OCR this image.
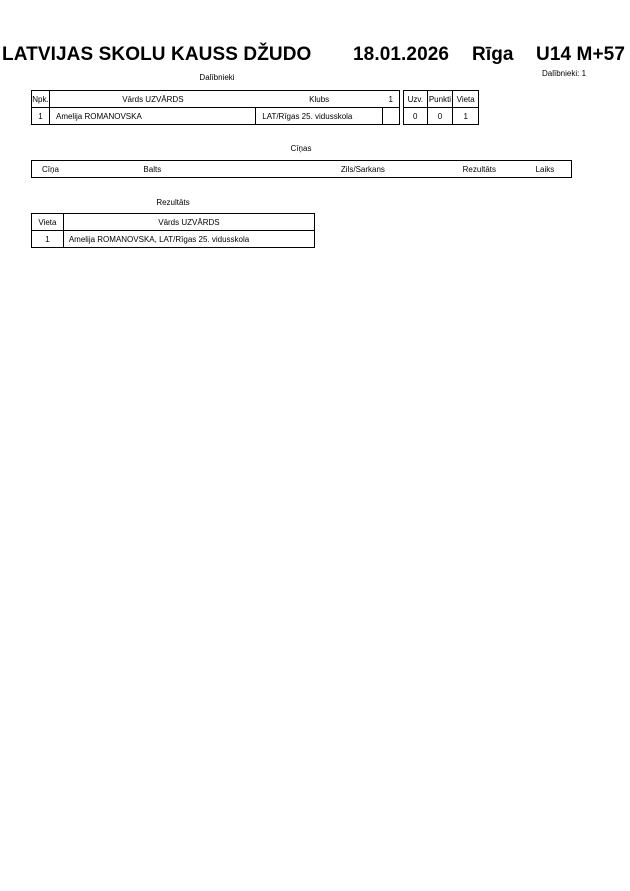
LATVIJAS SKOLU KAUSS DŽUDO 18.01.2026 Rīga U14 M+57
Dalībnieki: 1
Dalībnieki
Npk.	Vārds UZVĀRDS	Klubs	1
1	Amelija ROMANOVSKA	LAT/Rīgas 25. vidusskola	
Uzv.	Punkti	Vieta
0	0	1
Cīņas
Cīņa	Balts	Zils/Sarkans	Rezultāts	Laiks
Rezultāts
Vieta	Vārds UZVĀRDS
1	Amelija ROMANOVSKA, LAT/Rīgas 25. vidusskola
